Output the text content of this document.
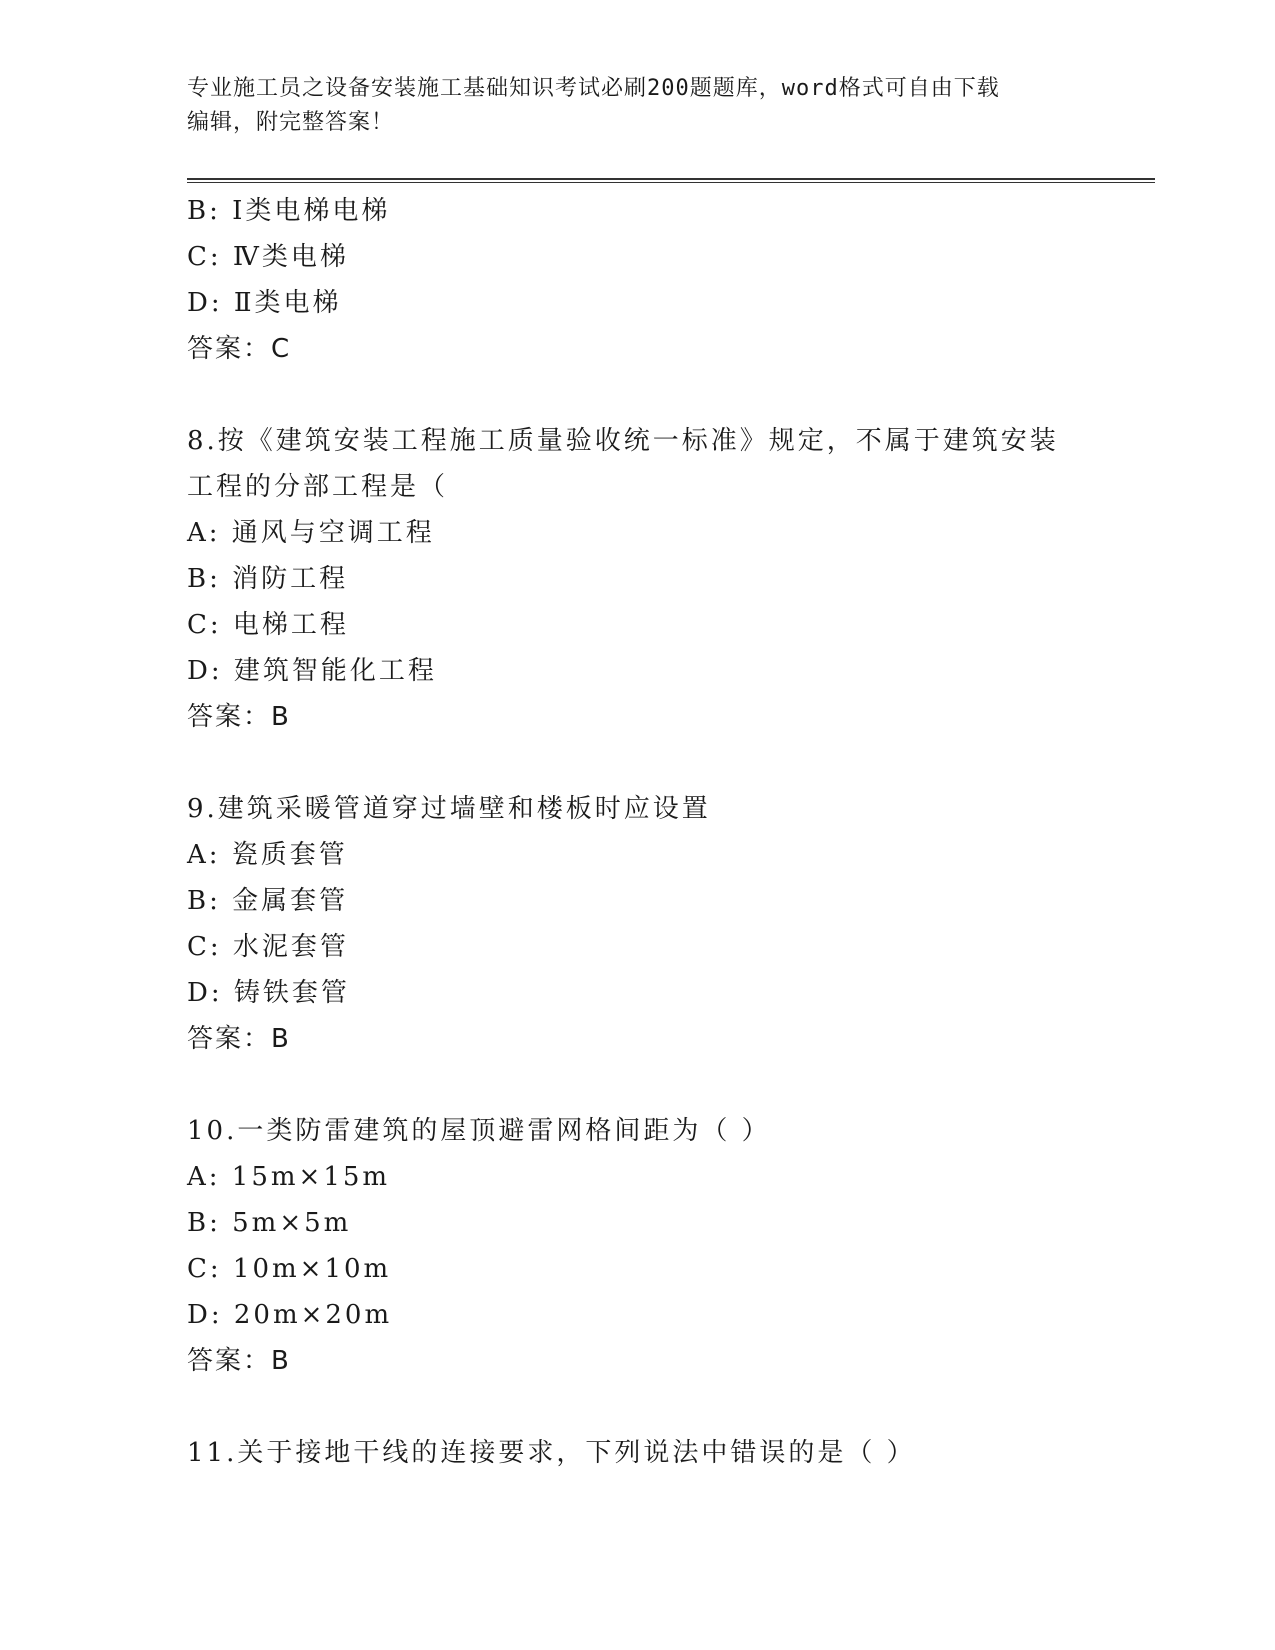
专业施工员之设备安装施工基础知识考试必刷200题题库，word格式可自由下载
编辑，附完整答案！
B: Ⅰ类电梯电梯
C: Ⅳ类电梯
D: Ⅱ类电梯
答案：C
8.按《建筑安装工程施工质量验收统一标准》规定，不属于建筑安装
工程的分部工程是（
A: 通风与空调工程
B: 消防工程
C: 电梯工程
D: 建筑智能化工程
答案：B
9.建筑采暖管道穿过墙壁和楼板时应设置
A: 瓷质套管
B: 金属套管
C: 水泥套管
D: 铸铁套管
答案：B
10.一类防雷建筑的屋顶避雷网格间距为（ ）
A: 15m×15m
B: 5m×5m
C: 10m×10m
D: 20m×20m
答案：B
11.关于接地干线的连接要求，下列说法中错误的是（ ）
